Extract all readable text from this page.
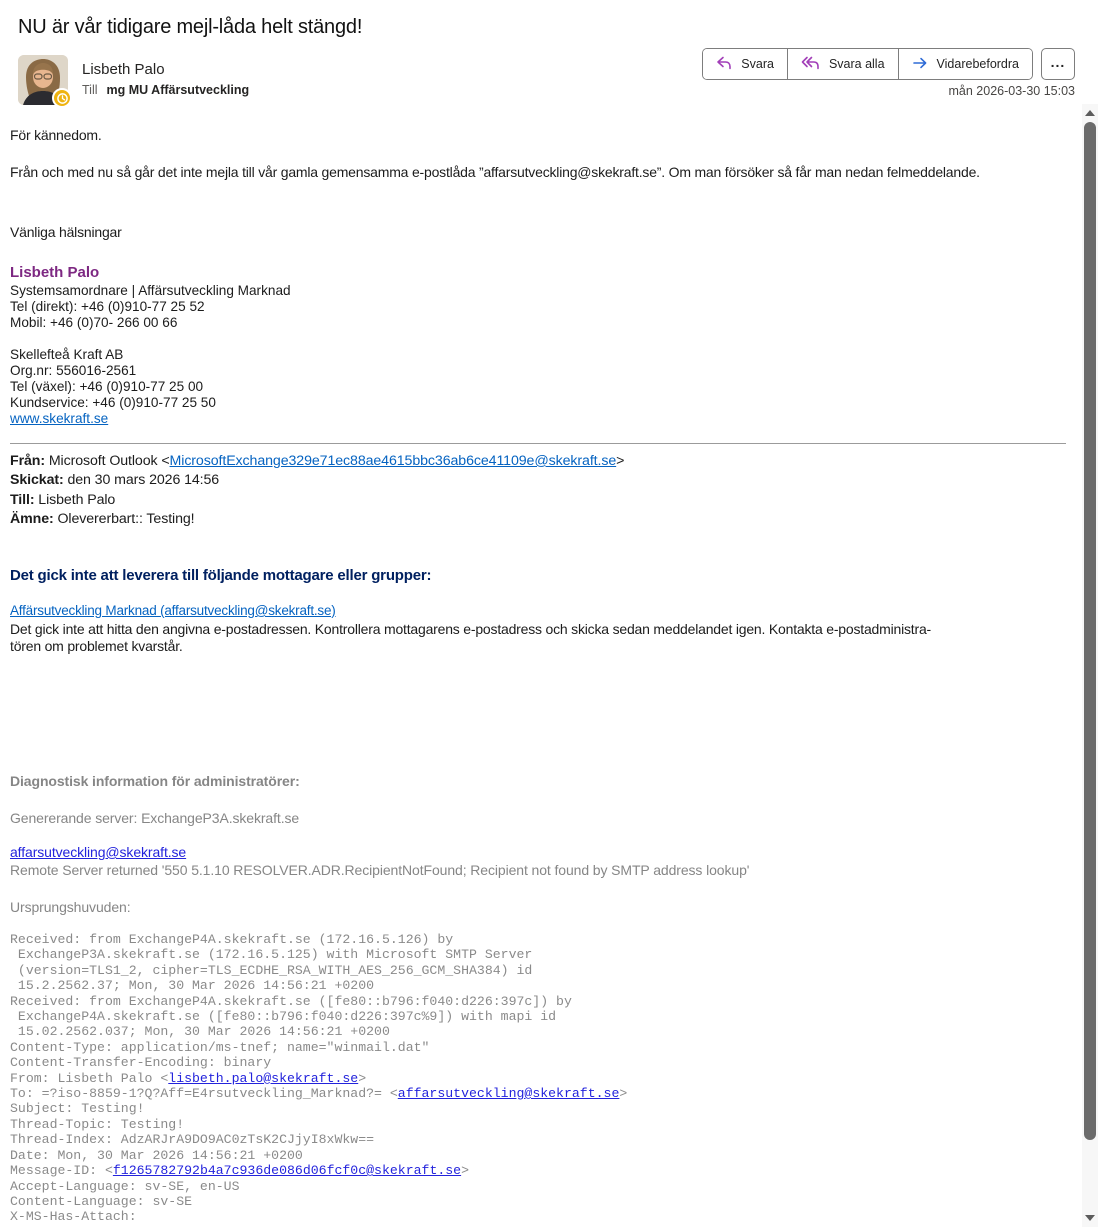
NU är vår tidigare mejl-låda helt stängd!
Lisbeth Palo
Till mg MU Affärsutveckling
Svara	Svara alla	Vidarebefordra ...
mån 2026-03-30 15:03
För kännedom.
Från och med nu så går det inte mejla till vår gamla gemensamma e-postlåda ”affarsutveckling@skekraft.se”. Om man försöker så får man nedan felmeddelande.
Vänliga hälsningar
Lisbeth Palo
Systemsamordnare | Affärsutveckling Marknad
Tel (direkt): +46 (0)910-77 25 52
Mobil: +46 (0)70- 266 00 66
Skellefteå Kraft AB
Org.nr: 556016-2561
Tel (växel): +46 (0)910-77 25 00
Kundservice: +46 (0)910-77 25 50
www.skekraft.se
Från: Microsoft Outlook <MicrosoftExchange329e71ec88ae4615bbc36ab6ce41109e@skekraft.se>
Skickat: den 30 mars 2026 14:56
Till: Lisbeth Palo
Ämne: Olevererbart:: Testing!
Det gick inte att leverera till följande mottagare eller grupper:
Affärsutveckling Marknad (affarsutveckling@skekraft.se)
Det gick inte att hitta den angivna e-postadressen. Kontrollera mottagarens e-postadress och skicka sedan meddelandet igen. Kontakta e-postadministra-
tören om problemet kvarstår.
Diagnostisk information för administratörer:
Genererande server: ExchangeP3A.skekraft.se
affarsutveckling@skekraft.se
Remote Server returned '550 5.1.10 RESOLVER.ADR.RecipientNotFound; Recipient not found by SMTP address lookup'
Ursprungshuvuden:
Received: from ExchangeP4A.skekraft.se (172.16.5.126) by
ExchangeP3A.skekraft.se (172.16.5.125) with Microsoft SMTP Server
(version=TLS1_2, cipher=TLS_ECDHE_RSA_WITH_AES_256_GCM_SHA384) id
15.2.2562.37; Mon, 30 Mar 2026 14:56:21 +0200
Received: from ExchangeP4A.skekraft.se ([fe80::b796:f040:d226:397c]) by
ExchangeP4A.skekraft.se ([fe80::b796:f040:d226:397c%9]) with mapi id
15.02.2562.037; Mon, 30 Mar 2026 14:56:21 +0200
Content-Type: application/ms-tnef; name="winmail.dat"
Content-Transfer-Encoding: binary
From: Lisbeth Palo <lisbeth.palo@skekraft.se>
To: =?iso-8859-1?Q?Aff=E4rsutveckling_Marknad?= <affarsutveckling@skekraft.se>
Subject: Testing!
Thread-Topic: Testing!
Thread-Index: AdzARJrA9DO9AC0zTsK2CJjyI8xWkw==
Date: Mon, 30 Mar 2026 14:56:21 +0200
Message-ID: <f1265782792b4a7c936de086d06fcf0c@skekraft.se>
Accept-Language: sv-SE, en-US
Content-Language: sv-SE
X-MS-Has-Attach:
